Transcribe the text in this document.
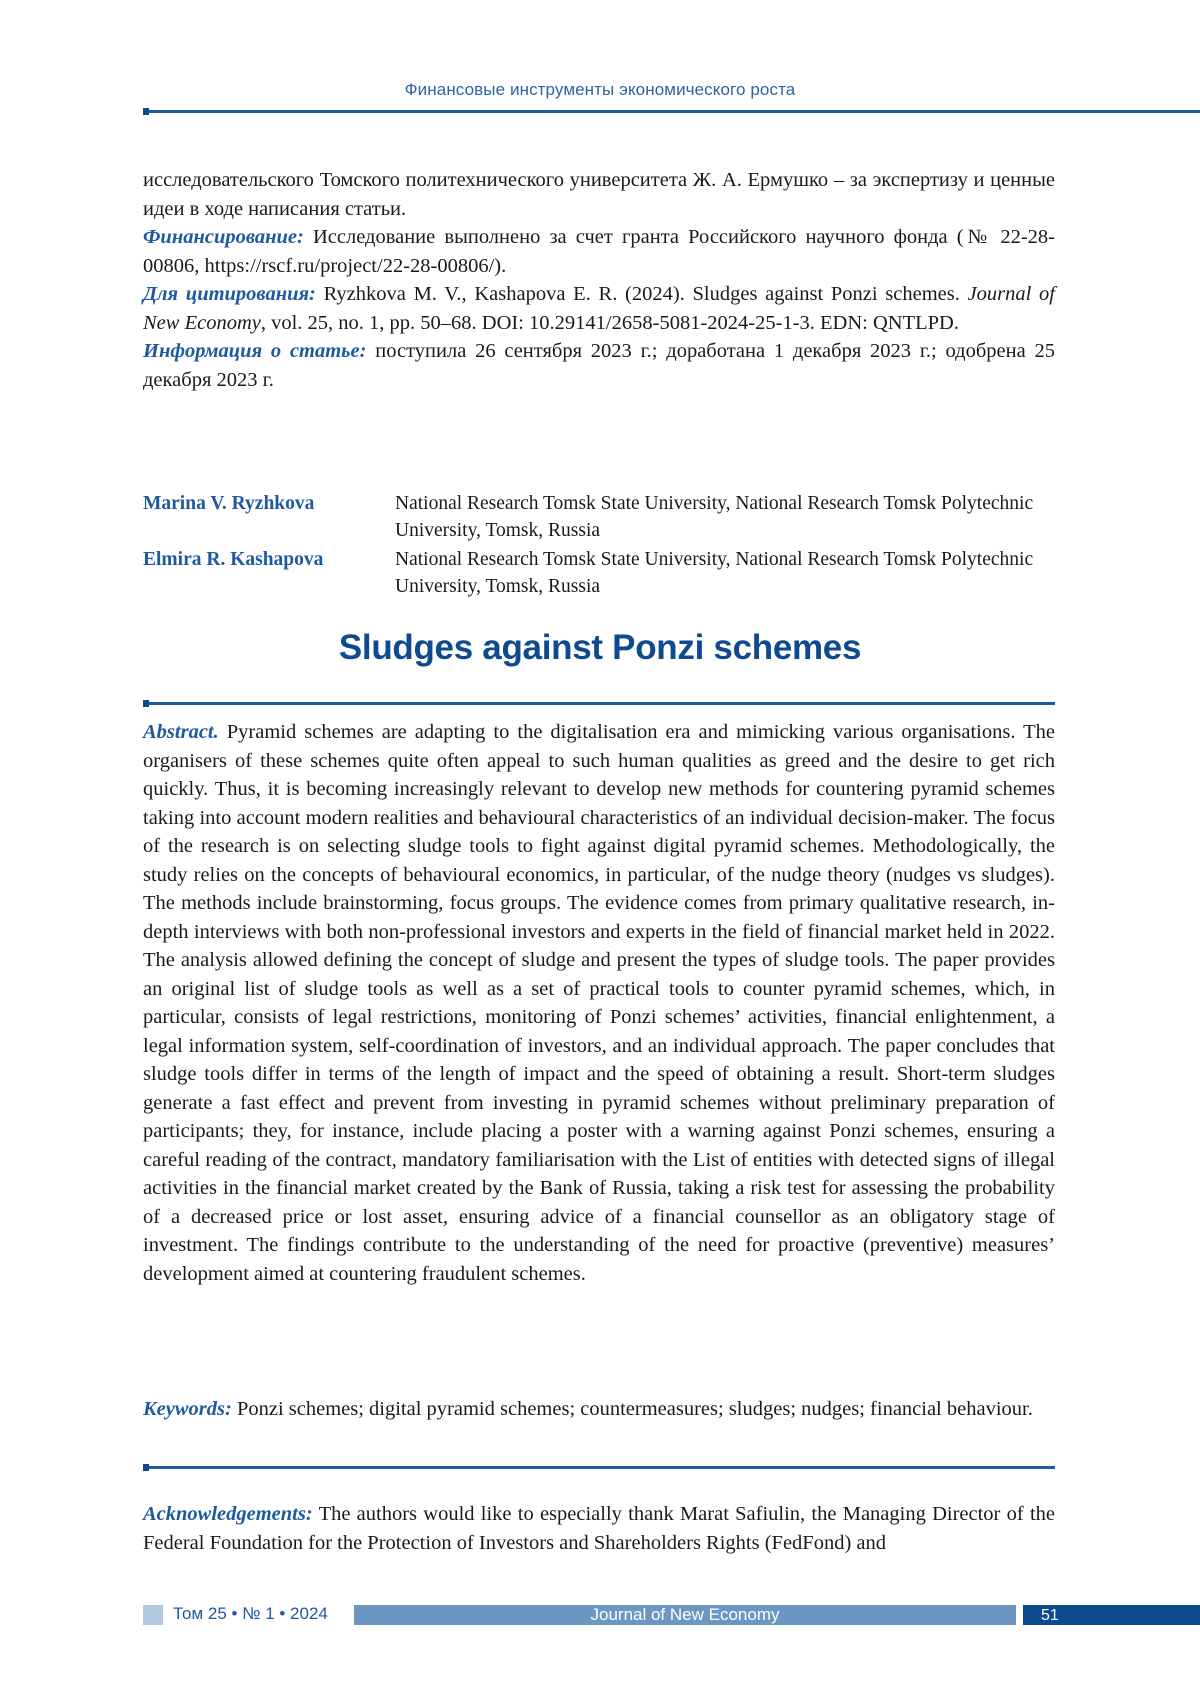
Финансовые инструменты экономического роста
исследовательского Томского политехнического университета Ж. А. Ермушко – за экспертизу и ценные идеи в ходе написания статьи.
Финансирование: Исследование выполнено за счет гранта Российского научного фонда (№ 22-28-00806, https://rscf.ru/project/22-28-00806/).
Для цитирования: Ryzhkova M. V., Kashapova E. R. (2024). Sludges against Ponzi schemes. Journal of New Economy, vol. 25, no. 1, pp. 50–68. DOI: 10.29141/2658-5081-2024-25-1-3. EDN: QNTLPD.
Информация о статье: поступила 26 сентября 2023 г.; доработана 1 декабря 2023 г.; одобрена 25 декабря 2023 г.
Marina V. Ryzhkova	National Research Tomsk State University, National Research Tomsk Polytechnic University, Tomsk, Russia
Elmira R. Kashapova	National Research Tomsk State University, National Research Tomsk Polytechnic University, Tomsk, Russia
Sludges against Ponzi schemes

Abstract. Pyramid schemes are adapting to the digitalisation era and mimicking various organisations. The organisers of these schemes quite often appeal to such human qualities as greed and the desire to get rich quickly. Thus, it is becoming increasingly relevant to develop new methods for countering pyramid schemes taking into account modern realities and behavioural characteristics of an individual decision-maker. The focus of the research is on selecting sludge tools to fight against digital pyramid schemes. Methodologically, the study relies on the concepts of behavioural economics, in particular, of the nudge theory (nudges vs sludges). The methods include brainstorming, focus groups. The evidence comes from primary qualitative research, in-depth interviews with both non-professional investors and experts in the field of financial market held in 2022. The analysis allowed defining the concept of sludge and present the types of sludge tools. The paper provides an original list of sludge tools as well as a set of practical tools to counter pyramid schemes, which, in particular, consists of legal restrictions, monitoring of Ponzi schemes’ activities, financial enlightenment, a legal information system, self-coordination of investors, and an individual approach. The paper concludes that sludge tools differ in terms of the length of impact and the speed of obtaining a result. Short-term sludges generate a fast effect and prevent from investing in pyramid schemes without preliminary preparation of participants; they, for instance, include placing a poster with a warning against Ponzi schemes, ensuring a careful reading of the contract, mandatory familiarisation with the List of entities with detected signs of illegal activities in the financial market created by the Bank of Russia, taking a risk test for assessing the probability of a decreased price or lost asset, ensuring advice of a financial counsellor as an obligatory stage of investment. The findings contribute to the understanding of the need for proactive (preventive) measures’ development aimed at countering fraudulent schemes.

Keywords: Ponzi schemes; digital pyramid schemes; countermeasures; sludges; nudges; financial behaviour.
Acknowledgements: The authors would like to especially thank Marat Safiulin, the Managing Director of the Federal Foundation for the Protection of Investors and Shareholders Rights (FedFond) and
Том 25 • № 1 • 2024	Journal of New Economy	51
